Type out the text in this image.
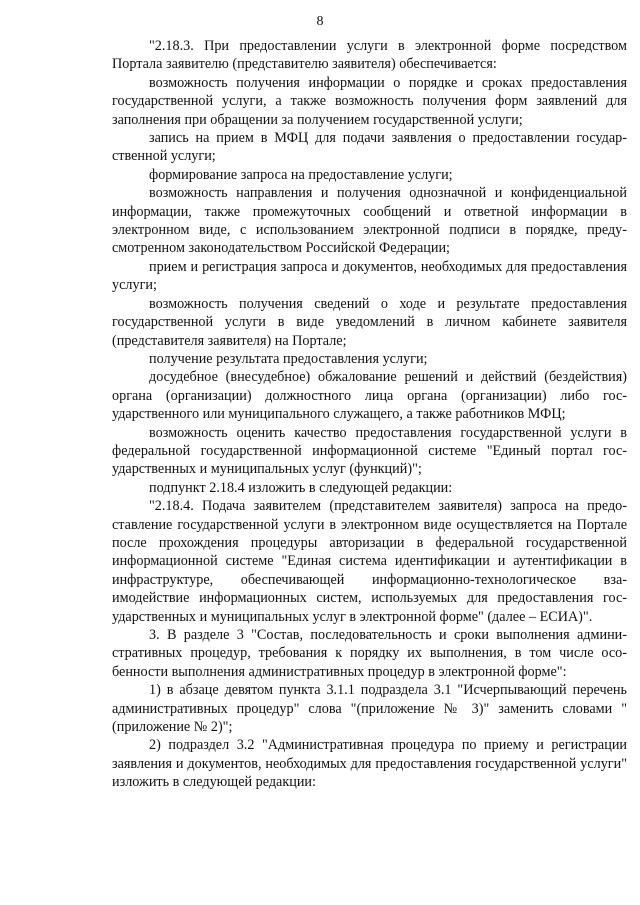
8

"2.18.3. При предоставлении услуги в электронной форме посредством Портала заявителю (представителю заявителя) обеспечивается:

возможность получения информации о порядке и сроках предоставления государственной услуги, а также возможность получения форм заявлений для заполнения при обращении за получением государственной услуги;

запись на прием в МФЦ для подачи заявления о предоставлении государственной услуги;

формирование запроса на предоставление услуги;

возможность направления и получения однозначной и конфиденциальной информации, также промежуточных сообщений и ответной информации в электронном виде, с использованием электронной подписи в порядке, предусмотренном законодательством Российской Федерации;

прием и регистрация запроса и документов, необходимых для предоставления услуги;

возможность получения сведений о ходе и результате предоставления государственной услуги в виде уведомлений в личном кабинете заявителя (представителя заявителя) на Портале;

получение результата предоставления услуги;

досудебное (внесудебное) обжалование решений и действий (бездействия) органа (организации) должностного лица органа (организации) либо государственного или муниципального служащего, а также работников МФЦ;

возможность оценить качество предоставления государственной услуги в федеральной государственной информационной системе "Единый портал государственных и муниципальных услуг (функций)";

подпункт 2.18.4 изложить в следующей редакции:

"2.18.4. Подача заявителем (представителем заявителя) запроса на предоставление государственной услуги в электронном виде осуществляется на Портале после прохождения процедуры авторизации в федеральной государственной информационной системе "Единая система идентификации и аутентификации в инфраструктуре, обеспечивающей информационно-технологическое взаимодействие информационных систем, используемых для предоставления государственных и муниципальных услуг в электронной форме" (далее – ЕСИА)".

3. В разделе 3 "Состав, последовательность и сроки выполнения административных процедур, требования к порядку их выполнения, в том числе особенности выполнения административных процедур в электронной форме":

1) в абзаце девятом пункта 3.1.1 подраздела 3.1 "Исчерпывающий перечень административных процедур" слова "(приложение № 3)" заменить словами "(приложение № 2)";

2) подраздел 3.2 "Административная процедура по приему и регистрации заявления и документов, необходимых для предоставления государственной услуги" изложить в следующей редакции:
